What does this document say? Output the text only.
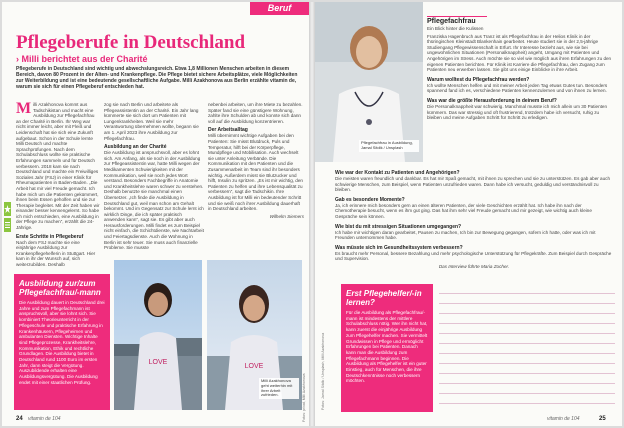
Beruf
Pflegeberufe in Deutschland
› Milli berichtet aus der Charité
Pflegeberufe in Deutschland sind wichtig und abwechslungsreich. Etwa 1,8 Millionen Menschen arbeiten in diesem Bereich, davon 80 Prozent in der Alten- und Krankenpflege. Die Pflege bietet sichere Arbeitsplätze, viele Möglichkeiten zur Weiterbildung und ist eine bedeutende gesellschaftliche Aufgabe. Milli Azakhonova aus Berlin erzählte vitamin de, warum sie sich für einen Pflegeberuf entschieden hat.

Milli Azakhonova kommt aus Tadschikistan und macht eine Ausbildung zur Pflegefachfrau an der Charité in Berlin. Ihr Weg war nicht immer leicht, aber mit Fleiß und Leidenschaft hat sie sich eine Zukunft aufgebaut. Schon in der Schule lernte Milli Deutsch und machte Sprachprüfungen. Nach dem Schulabschluss wollte sie praktische Erfahrungen sammeln und für Deutsch verbessern. 2018 kam sie nach Deutschland und machte ein Freiwilliges Soziales Jahr (FSJ) in einer Klinik für Rheumapatienten in Baden-Baden. „Die Arbeit hat mir viel Freude gemacht. Ich habe mich um die Patienten gekümmert, ihnen beim Essen geholfen und sie zur Therapie begleitet. Mit der Zeit haben wir einander besser kennengelernt. So habe ich mich entschieden, eine Ausbildung in der Pflege zu machen“, erzählt die 24-Jährige.

Erste Schritte in Pflegeberuf

Nach dem FSJ machte sie eine einjährige Ausbildung zur Krankenpflegehelferin in Stuttgart. Hier kam in ihr der Wunsch auf, sich weiterzubilden. Deshalb

zog sie nach Berlin und arbeitete als Pflegeassistentin an der Charité. Ein Jahr lang kümmerte sie sich dort um Patienten mit Lungenkrankheiten. Weil sie mehr Verantwortung übernehmen wollte, begann sie am 1. April 2023 ihre Ausbildung zur Pflegefachfrau.

Ausbildung an der Charité

Die Ausbildung ist anspruchsvoll, aber es lohnt sich. Am Anfang, als sie noch in der Ausbildung zur Pflegeassistentin war, hatte Milli wegen der Medikamenten Schwierigkeiten mit der Kommunikation, weil sie noch jedes Wort verstand. Besonders Fachbegriffe in Anatomie und Krankheitslehre waren schwer zu verstehen. Deshalb benutzte sie manchmal einen Übersetzer. „Ich finde die Ausbildung in Deutschland gut, weil man schon am Gehalt bekommt. Und im Gegensatz zur Schule lernt ich wirklich Dinge, die ich später praktisch anwenden kann“, sagt sie. Es gibt aber auch Herausforderungen. Milli findet es zum Beispiel nicht einfach, die Schichtdienste, wie Nachtarbeit und Feiertagsdienste. Auch die Wohnung in Berlin ist sehr teuer. Sie muss auch finanzielle Probleme. Sie musste

nebenbei arbeiten, um ihre Miete zu bezahlen. Später fand sie eine günstigere Wohnung, zahlte ihre Schulden ab und konnte sich dann voll auf die Ausbildung konzentrieren.

Der Arbeitsalltag

Milli übernimmt wichtige Aufgaben bei den Patienten: Sie misst Blutdruck, Puls und Temperatur, hilft bei der Körperpflege, Mundpflege und Mobilisation. Auch wechselt sie unter Anleitung Verbände. Die Kommunikation mit den Patienten und die Zusammenarbeit im Team sind ihr besonders wichtig. Außerdem misst sie Blutzucker und hilft, Insulin zu spritzen. „Es ist mir wichtig, den Patienten zu helfen und ihre Lebensqualität zu verbessern“, sagt die Tadschikin. Ihre Ausbildung ist für Milli ein bedeutender Schritt und sie weiß noch ihrer Ausbildung dauerhaft in Deutschland arbeiten.

Wilhelm Siemers
Ausbildung zur/zum Pflegefachfrau/-mann
Die Ausbildung dauert in Deutschland drei Jahre und zum Pflegefachmann ist anspruchsvoll, aber sie lohnt sich. Sie kombiniert Theorieunterricht in der Pflegeschule und praktische Erfahrung in Krankenhäusern, Pflegeheimen und ambulanten Diensten. Wichtige Inhalte sind Pflegeprozesse, Krankheitslehre, Kommunikation, Ethik und rechtliche Grundlagen. Die Ausbildung bietet in Deutschland rund 1100 Euro im ersten Jahr, dann steigt die Vergütung. Auszubildende erhalten eine Ausbildungsvergütung. Die Ausbildung endet mit einer staatlichen Prüfung.
LOVE
LOVE
Milli Azakhonova geht weiterhin mit ihrer Arbeit zufrieden.	Fotos: privat, Milli Azakhonova
24 vitamin de 104
Pflegefachfrau in Ausbildung, Jamal Sitdik / Unsplash
Pflegefachfrau
Ein Blick hinter die Kulissen

Franziska Hagenbruch aus Tranz ist als Pflegefachfrau in der Helios Klinik in der thüringischen Kleinstadt Blankenhain gearbeitet. Heute studiert sie in der 2,5-jährige Studiengang Pflegewissenschaft in Erfurt. Ihr Interesse bezieht aus, wie sie bei ungewohnlichen Situationen (Personalknappheit) angeht, Umgang mit Patienten und Angehörigen im Stress. Auch möchte sie so viel wie möglich aus ihren Erfahrungen zu den eigenen Patienten berichten. Für Klinik ist Karriere die Pflegefachfrau, den Zugang zum Patienten neu erwerben lassen. Sie gibt uns einige Einblicke in ihre Arbeit.

Warum wolltest du Pflegefachfrau werden?

Ich wollte Menschen helfen und mit meiner Arbeit jeden Tag etwas Gutes tun. Besonders spannend fand ich es, verschiedene Patienten kennenzulernen und von ihnen zu lernen.

Was war die größte Herausforderung in deinem Beruf?

Die Personalknappheit war schwierig. Manchmal musste ich mich allein um 30 Patienten kümmern. Das war stressig und oft frustrierend, trotzdem habe ich versucht, ruhig zu bleiben und meine Aufgaben Schritt für Schritt zu erledigen.

Wie war der Kontakt zu Patienten und Angehörigen?

Die meisten waren freundlich und dankbar. Es hat mir Spaß gemacht, mit ihnen zu sprechen und sie zu unterstützen. Es gab aber auch schwierige Menschen, zum Beispiel, wenn Patienten unzufrieden waren. Dann habe ich versucht, geduldig und verständnisvoll zu bleiben.

Gab es besondere Momente?

Ja, ich erinnere mich besonders gern an einen älteren Patienten, der viele Geschichten erzählt hat. Ich habe ihn nach der Chemotherapie besucht, wenn es ihm gut ging. Das hat ihm sehr viel Freude gemacht und mir gezeigt, wie wichtig auch kleine Gespräche sein können.

Wie bist du mit stressigen Situationen umgegangen?

Ich habe mir wichtigen daran gearbeitet, Pausen zu machen, Ich bin zur Bewegung gegangen, sofern ich hatte, oder was ich mit Freunden unternommen habe.

Was müsste sich im Gesundheitssystem verbessern?

Es braucht mehr Personal, bessere Bezahlung und mehr psychologische Unterstützung für Pflegekräfte. Zum Beispiel durch Gespräche und Supervision.

Das Interview führte Maria Zocher.

Erst Pflegehelfer/-in lernen?
Für die Ausbildung als Pflegefachfrau/-mann ist mindestens der mittlere Schulabschluss nötig. Wer ihn nicht hat, kann zuerst die einjährige Ausbildung zum Pflegehelfer machen. Sie vermittelt Grundwissen in Pflege und ermöglicht Erfahrungen bei Patienten. Danach kann man die Ausbildung zum Pflegefachmann beginnen. Die Ausbildung als Pflegehelfer ist ein guter Einstieg, auch für Menschen, die ihre Deutschkenntnisse noch verbessern möchten.
Fotos: Jamal Sitdik / Unsplash, Milli Azakhonova
vitamin de 104	25
